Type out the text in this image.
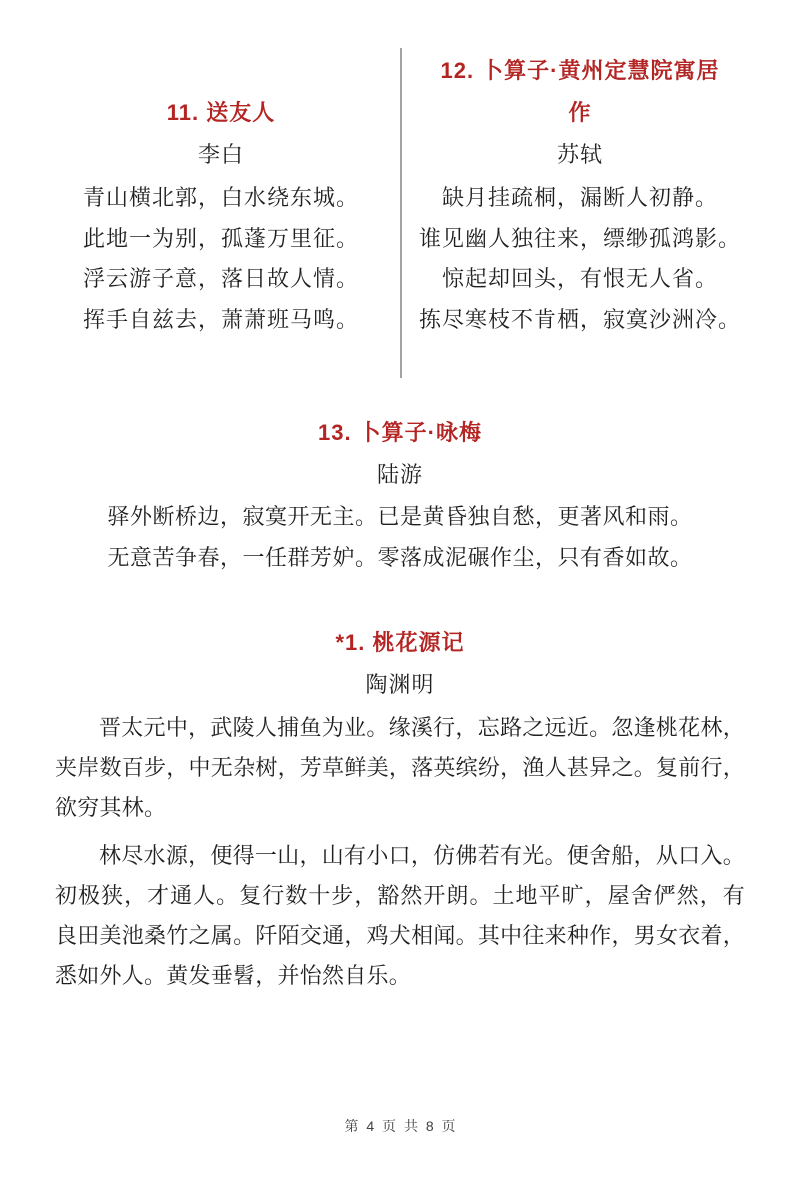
11. 送友人
李白
青山横北郭，白水绕东城。
此地一为别，孤蓬万里征。
浮云游子意，落日故人情。
挥手自兹去，萧萧班马鸣。
12. 卜算子·黄州定慧院寓居
作
苏轼
缺月挂疏桐，漏断人初静。
谁见幽人独往来，缥缈孤鸿影。
惊起却回头，有恨无人省。
拣尽寒枝不肯栖，寂寞沙洲冷。
13. 卜算子·咏梅
陆游
驿外断桥边，寂寞开无主。已是黄昏独自愁，更著风和雨。
无意苦争春，一任群芳妒。零落成泥碾作尘，只有香如故。
*1. 桃花源记
陶渊明
晋太元中，武陵人捕鱼为业。缘溪行，忘路之远近。忽逢桃花林，
夹岸数百步，中无杂树，芳草鲜美，落英缤纷，渔人甚异之。复前行，
欲穷其林。
林尽水源，便得一山，山有小口，仿佛若有光。便舍船，从口入。
初极狭，才通人。复行数十步，豁然开朗。土地平旷，屋舍俨然，有
良田美池桑竹之属。阡陌交通，鸡犬相闻。其中往来种作，男女衣着，
悉如外人。黄发垂髫，并怡然自乐。
第 4 页 共 8 页
